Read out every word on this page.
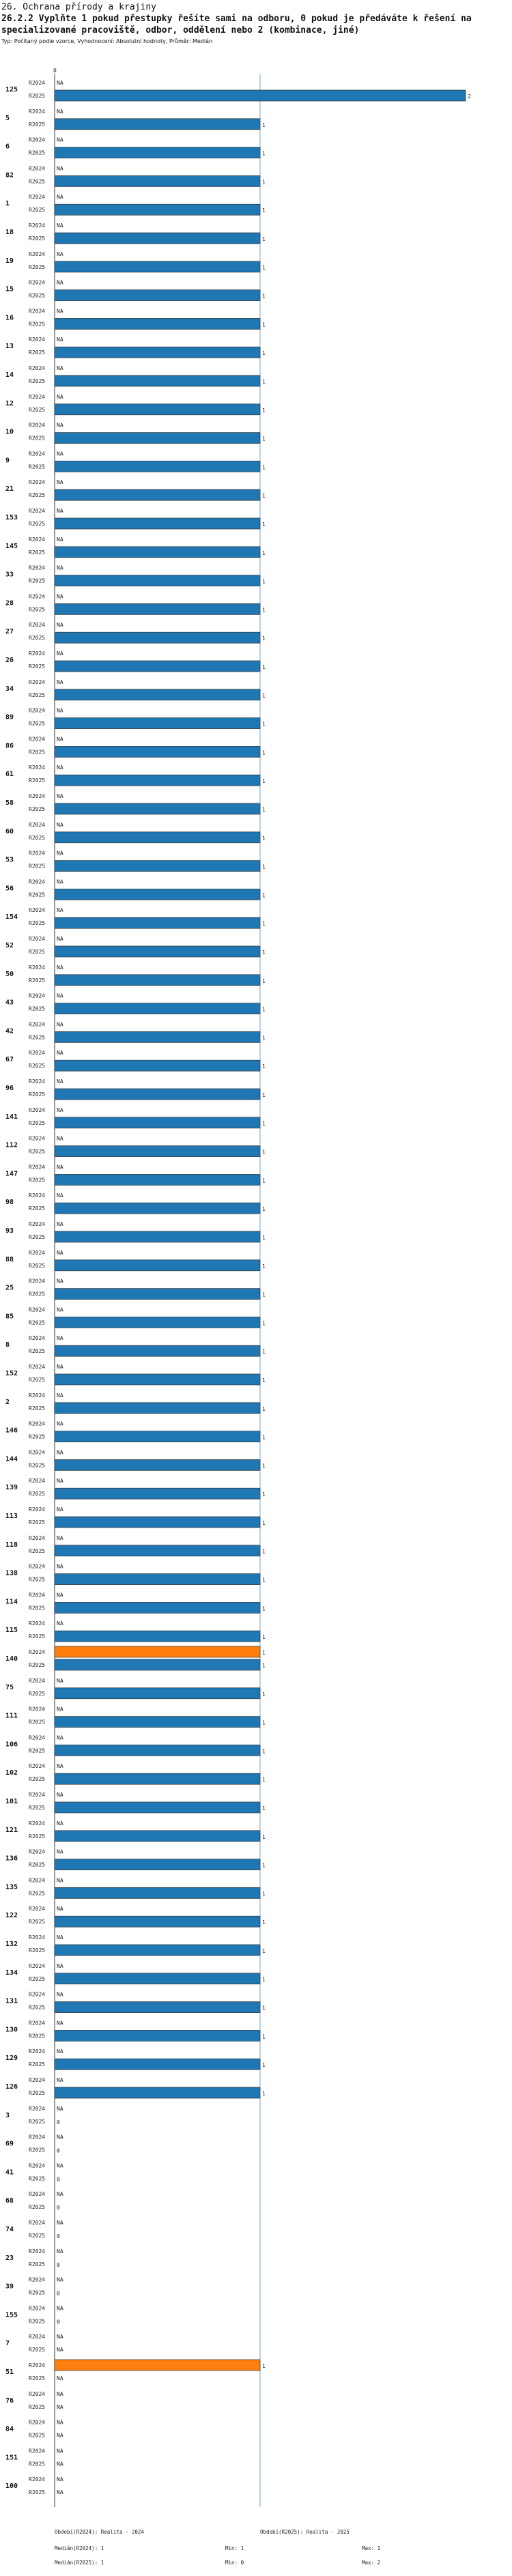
26. Ochrana přírody a krajiny
26.2.2 Vyplňte 1 pokud přestupky řešíte sami na odboru, 0 pokud je předáváte k řešení na specializované pracoviště, odbor, oddělení nebo 2 (kombinace, jiné)
Typ: Počítaný podle vzorce, Vyhodnocení: Absolutní hodnoty, Průměr: Medián
0
125
R2024 NA
R2025	2
5
R2024 NA
R2025	1
6
R2024 NA
R2025	1
82
R2024 NA
R2025	1
1
R2024 NA
R2025	1
18
R2024 NA
R2025	1
19
R2024 NA
R2025	1
15
R2024 NA
R2025	1
16
R2024 NA
R2025	1
13
R2024 NA
R2025	1
14
R2024 NA
R2025	1
12
R2024 NA
R2025	1
10
R2024 NA
R2025	1
9
R2024 NA
R2025	1
21
R2024 NA
R2025	1
153
R2024 NA
R2025	1
145
R2024 NA
R2025	1
33
R2024 NA
R2025	1
28
R2024 NA
R2025	1
27
R2024 NA
R2025	1
26
R2024 NA
R2025	1
34
R2024 NA
R2025	1
89
R2024 NA
R2025	1
86
R2024 NA
R2025	1
61
R2024 NA
R2025	1
58
R2024 NA
R2025	1
60
R2024 NA
R2025	1
53
R2024 NA
R2025	1
56
R2024 NA
R2025	1
154
R2024 NA
R2025	1
52
R2024 NA
R2025	1
50
R2024 NA
R2025	1
43
R2024 NA
R2025	1
42
R2024 NA
R2025	1
67
R2024 NA
R2025	1
96
R2024 NA
R2025	1
141
R2024 NA
R2025	1
112
R2024 NA
R2025	1
147
R2024 NA
R2025	1
98
R2024 NA
R2025	1
93
R2024 NA
R2025	1
88
R2024 NA
R2025	1
25
R2024 NA
R2025	1
85
R2024 NA
R2025	1
8
R2024 NA
R2025	1
152
R2024 NA
R2025	1
2
R2024 NA
R2025	1
146
R2024 NA
R2025	1
144
R2024 NA
R2025	1
139
R2024 NA
R2025	1
113
R2024 NA
R2025	1
118
R2024 NA
R2025	1
138
R2024 NA
R2025	1
114
R2024 NA
R2025	1
115
R2024 NA
R2025	1
140
R2024	1
R2025	1
75
R2024 NA
R2025	1
111
R2024 NA
R2025	1
106
R2024 NA
R2025	1
102
R2024 NA
R2025	1
101
R2024 NA
R2025	1
121
R2024 NA
R2025	1
136
R2024 NA
R2025	1
135
R2024 NA
R2025	1
122
R2024 NA
R2025	1
132
R2024 NA
R2025	1
134
R2024 NA
R2025	1
131
R2024 NA
R2025	1
130
R2024 NA
R2025	1
129
R2024 NA
R2025	1
126
R2024 NA
R2025	1
3
R2024 NA
R2025 0
69
R2024 NA
R2025 0
41
R2024 NA
R2025 0
68
R2024 NA
R2025 0
74
R2024 NA
R2025 0
23
R2024 NA
R2025 0
39
R2024 NA
R2025 0
155
R2024 NA
R2025 0
7
R2024 NA
R2025 NA
51
R2024	1
R2025 NA
76
R2024 NA
R2025 NA
84
R2024 NA
R2025 NA
151
R2024 NA
R2025 NA
100
R2024 NA
R2025 NA
Období(R2024): Realita - 2024	Období(R2025): Realita - 2025
Medián(R2024): 1	Min: 1	Max: 1
Medián(R2025): 1	Min: 0	Max: 2
